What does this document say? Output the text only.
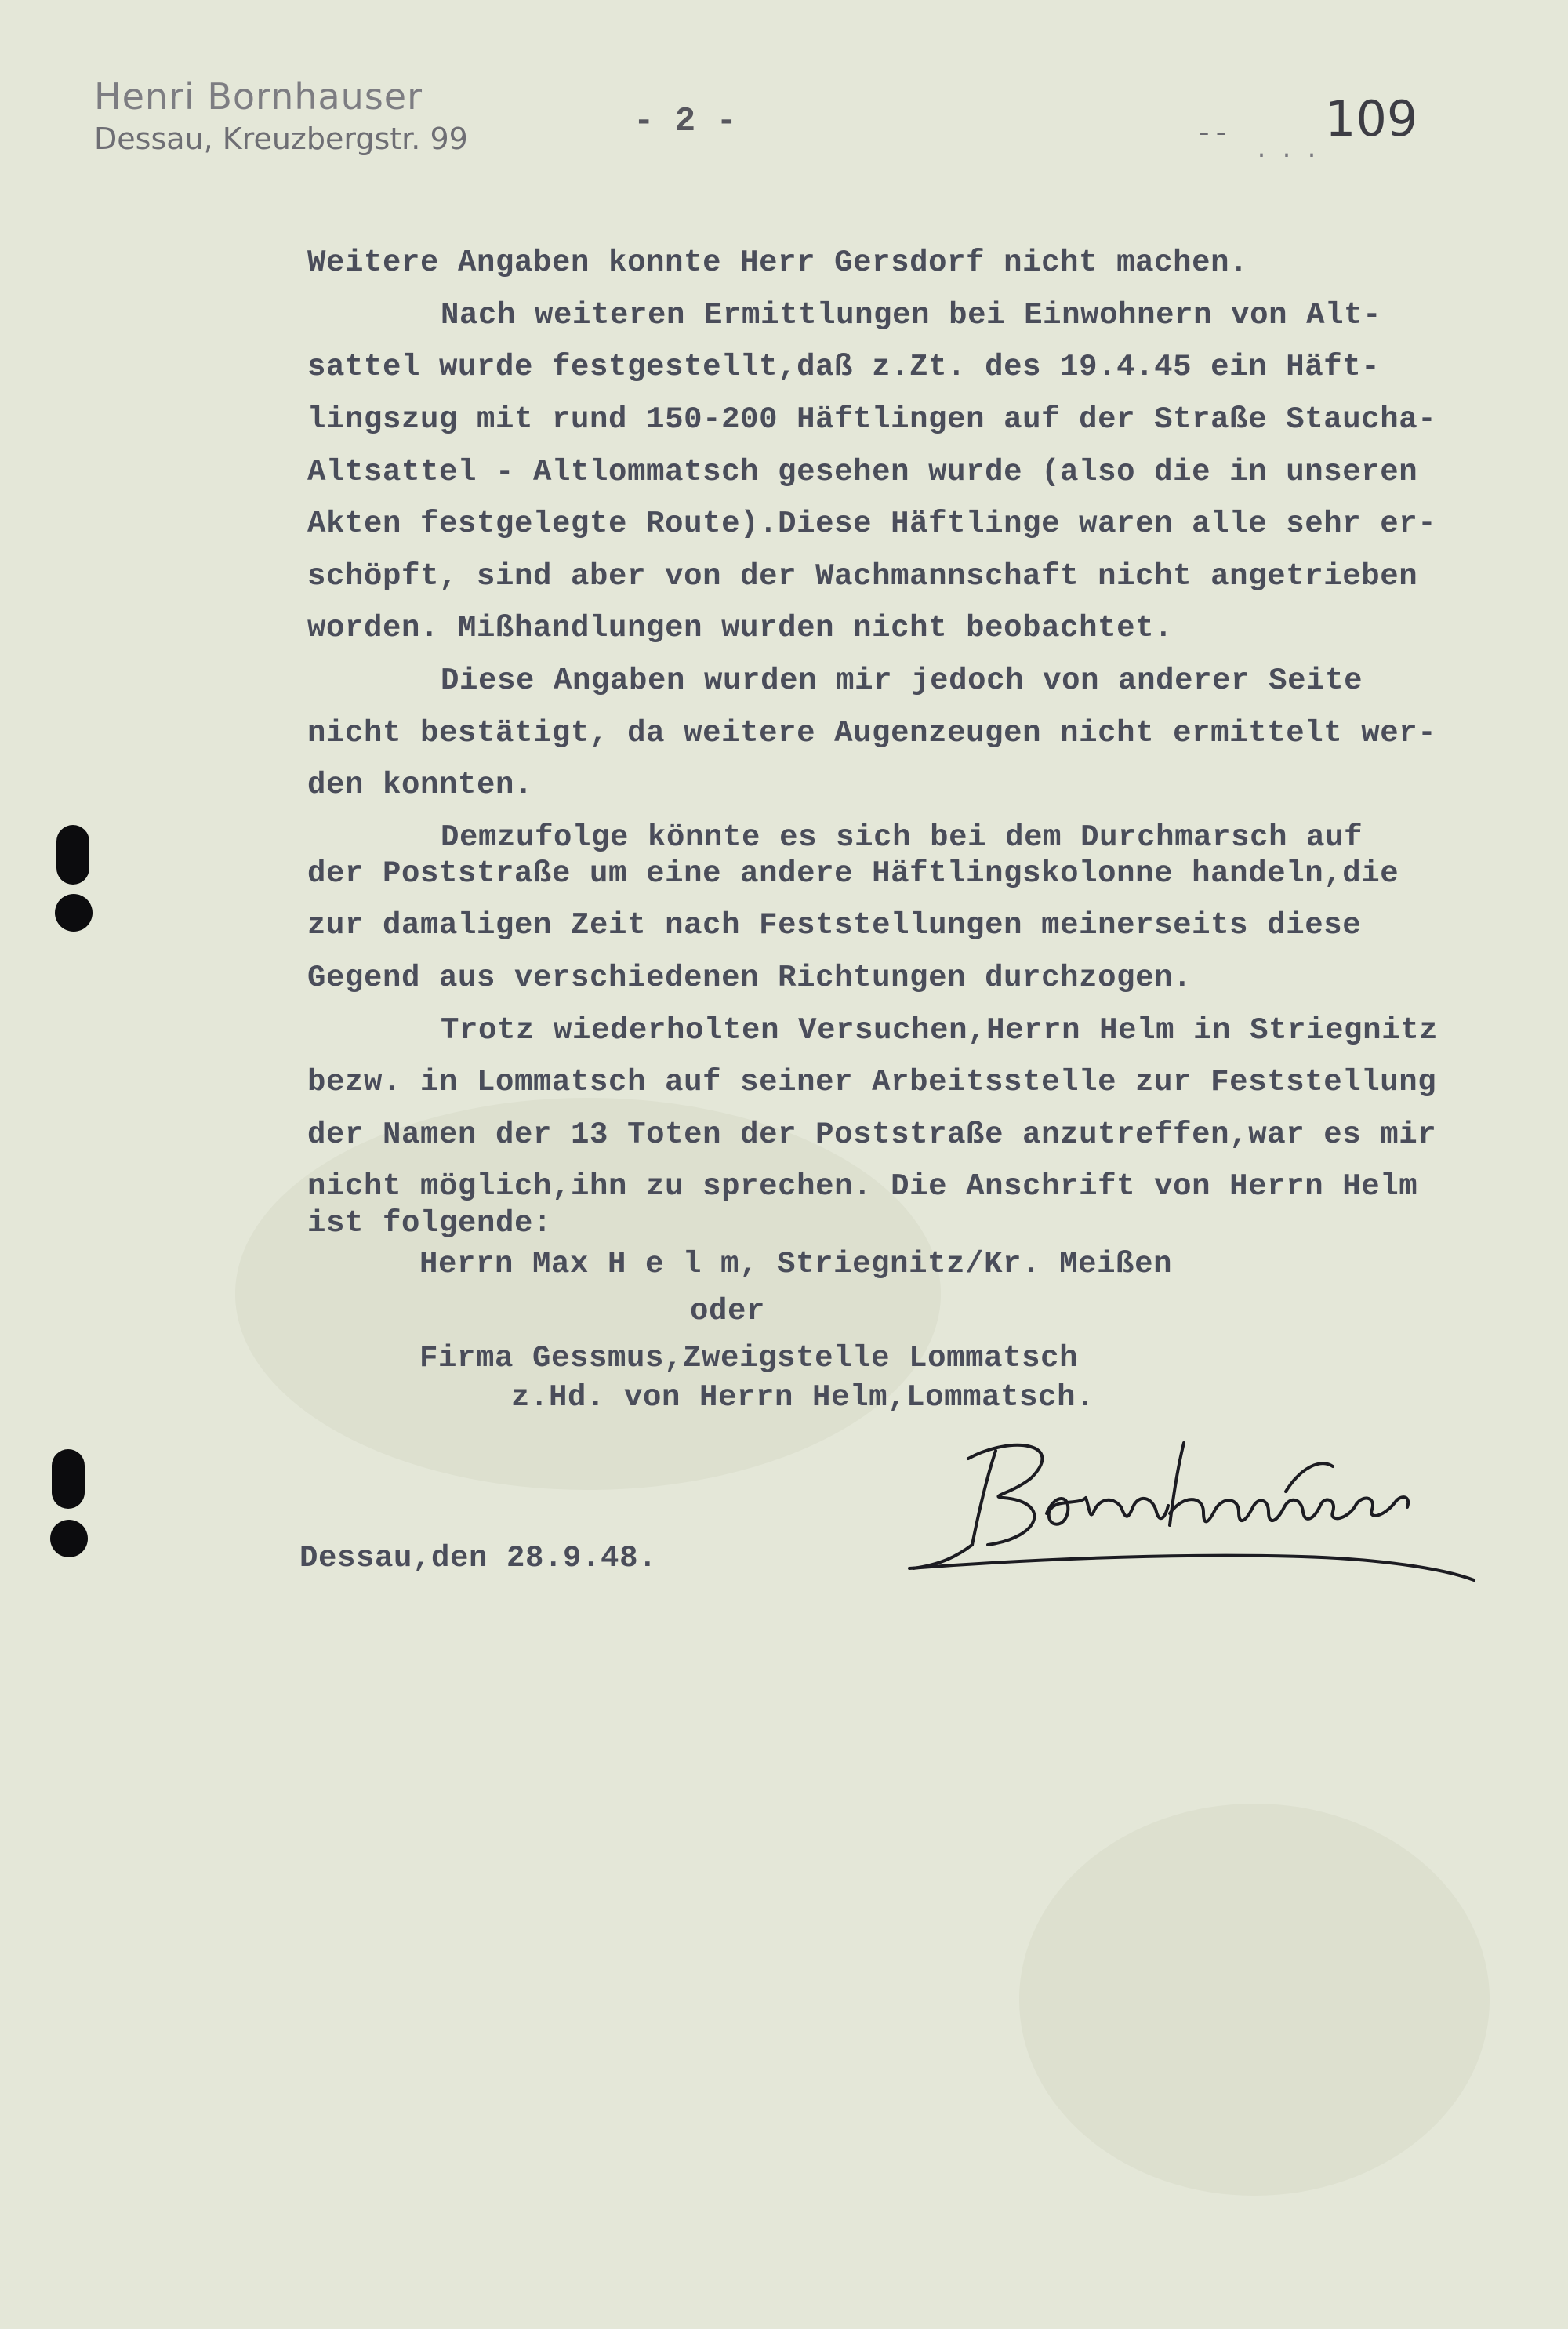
Henri Bornhauser
Dessau, Kreuzbergstr. 99	- 2 -	--
...
109
Weitere Angaben konnte Herr Gersdorf nicht machen.
Nach weiteren Ermittlungen bei Einwohnern von Alt-
sattel wurde festgestellt,daß z.Zt. des 19.4.45 ein Häft-
lingszug mit rund 150-200 Häftlingen auf der Straße Staucha-
Altsattel - Altlommatsch gesehen wurde (also die in unseren
Akten festgelegte Route).Diese Häftlinge waren alle sehr er-
schöpft, sind aber von der Wachmannschaft nicht angetrieben
worden. Mißhandlungen wurden nicht beobachtet.
Diese Angaben wurden mir jedoch von anderer Seite
nicht bestätigt, da weitere Augenzeugen nicht ermittelt wer-
den konnten.
Demzufolge könnte es sich bei dem Durchmarsch auf
der Poststraße um eine andere Häftlingskolonne handeln,die
zur damaligen Zeit nach Feststellungen meinerseits diese
Gegend aus verschiedenen Richtungen durchzogen.
Trotz wiederholten Versuchen,Herrn Helm in Striegnitz
bezw. in Lommatsch auf seiner Arbeitsstelle zur Feststellung
der Namen der 13 Toten der Poststraße anzutreffen,war es mir
nicht möglich,ihn zu sprechen. Die Anschrift von Herrn Helm
ist folgende:
Herrn Max H e l m, Striegnitz/Kr. Meißen
oder
Firma Gessmus,Zweigstelle Lommatsch
z.Hd. von Herrn Helm,Lommatsch.
Dessau,den 28.9.48.
